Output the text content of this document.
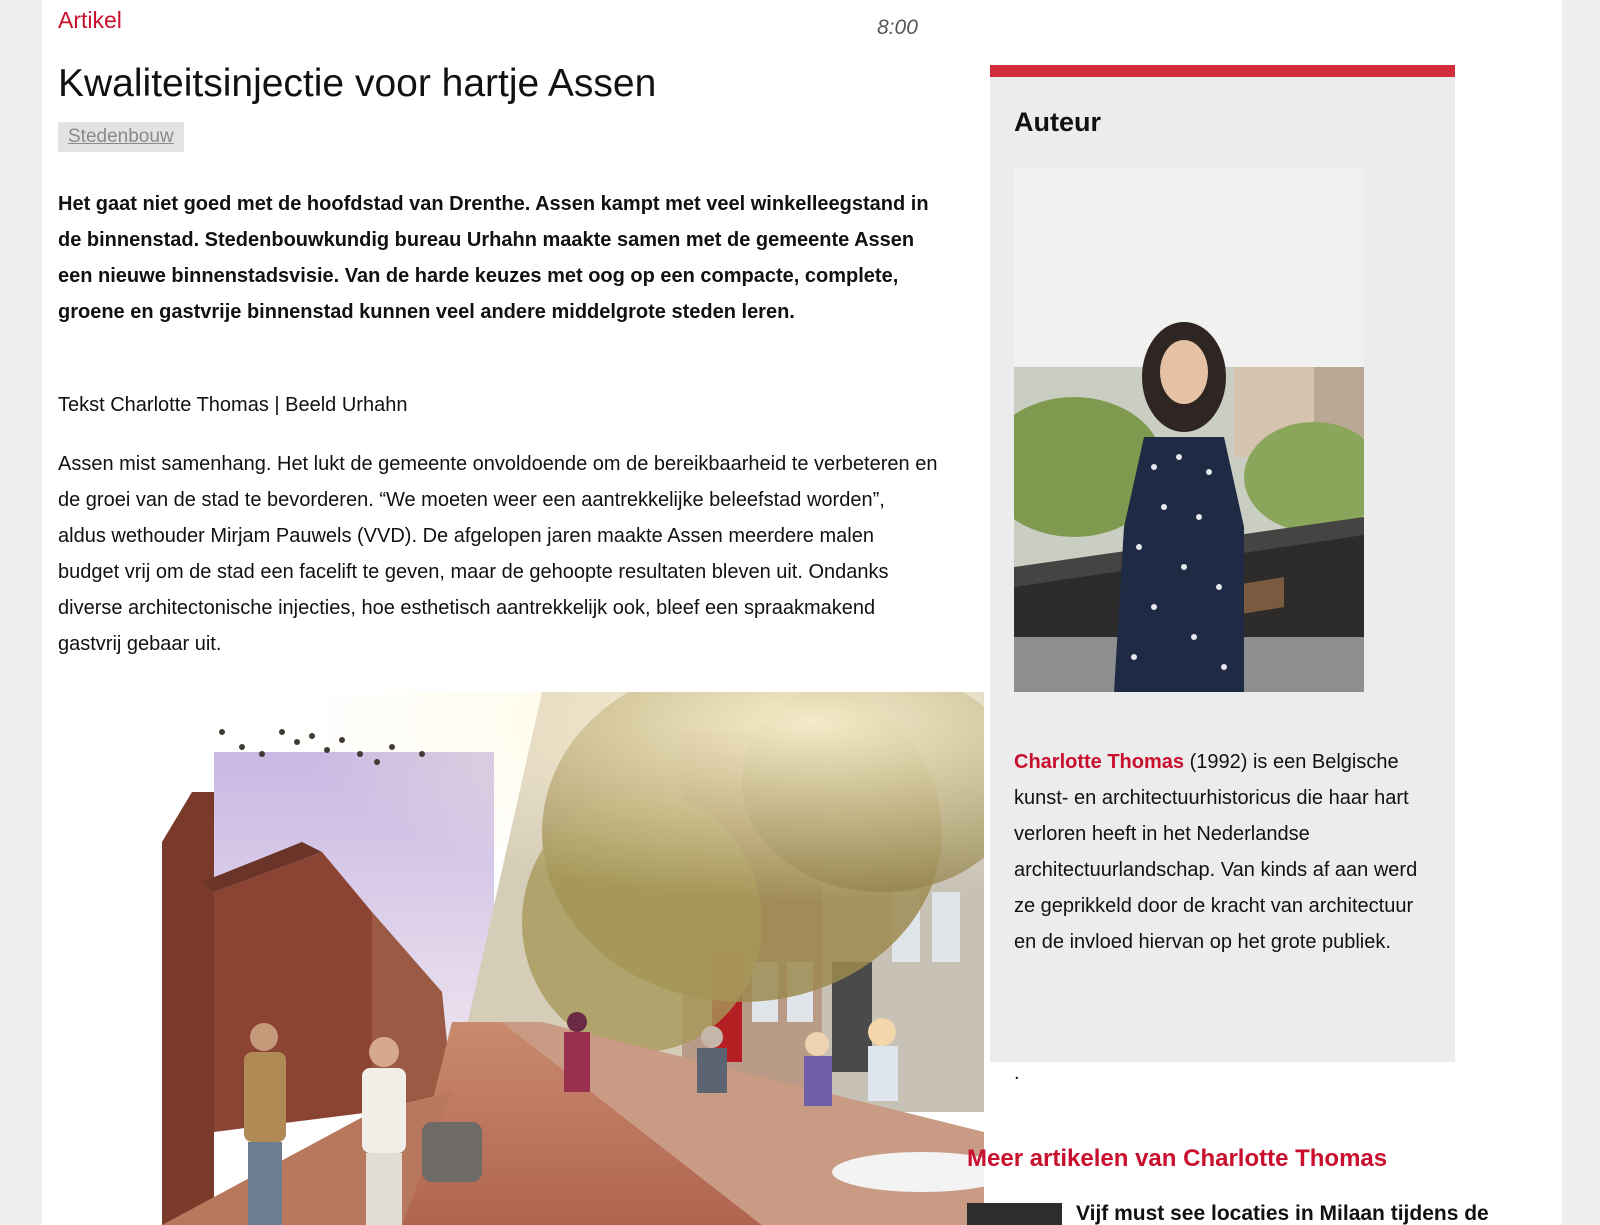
Artikel	8:00
Kwaliteitsinjectie voor hartje Assen
Stedenbouw

Het gaat niet goed met de hoofdstad van Drenthe. Assen kampt met veel winkelleegstand in de binnenstad. Stedenbouwkundig bureau Urhahn maakte samen met de gemeente Assen een nieuwe binnenstadsvisie. Van de harde keuzes met oog op een compacte, complete, groene en gastvrije binnenstad kunnen veel andere middelgrote steden leren.

Tekst Charlotte Thomas | Beeld Urhahn

Assen mist samenhang. Het lukt de gemeente onvoldoende om de bereikbaarheid te verbeteren en de groei van de stad te bevorderen. “We moeten weer een aantrekkelijke beleefstad worden”, aldus wethouder Mirjam Pauwels (VVD). De afgelopen jaren maakte Assen meerdere malen budget vrij om de stad een facelift te geven, maar de gehoopte resultaten bleven uit. Ondanks diverse architectonische injecties, hoe esthetisch aantrekkelijk ook, bleef een spraakmakend gastvrij gebaar uit.

Auteur

Charlotte Thomas (1992) is een Belgische kunst- en architectuurhistoricus die haar hart verloren heeft in het Nederlandse architectuurlandschap. Van kinds af aan werd ze geprikkeld door de kracht van architectuur en de invloed hiervan op het grote publiek.

.
Meer artikelen van Charlotte Thomas
Vijf must see locaties in Milaan tijdens de
